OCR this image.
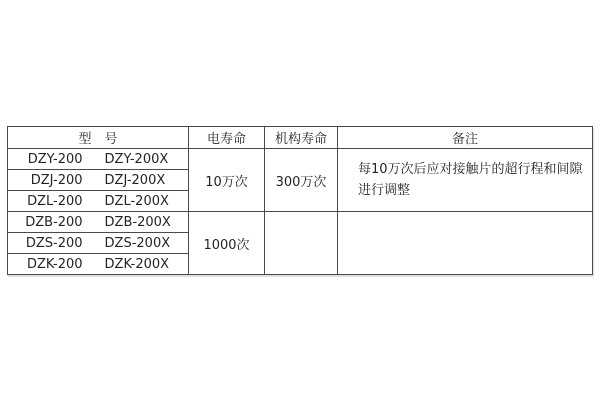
型　号	电寿命	机构寿命	备注
DZY-200 DZY-200X	10万次	300万次	每10万次后应对接触片的超行程和间隙
进行调整

DZJ-200 DZJ-200X			
DZL-200 DZL-200X			
DZB-200 DZB-200X	1000次		

DZS-200 DZS-200X			
DZK-200 DZK-200X			
